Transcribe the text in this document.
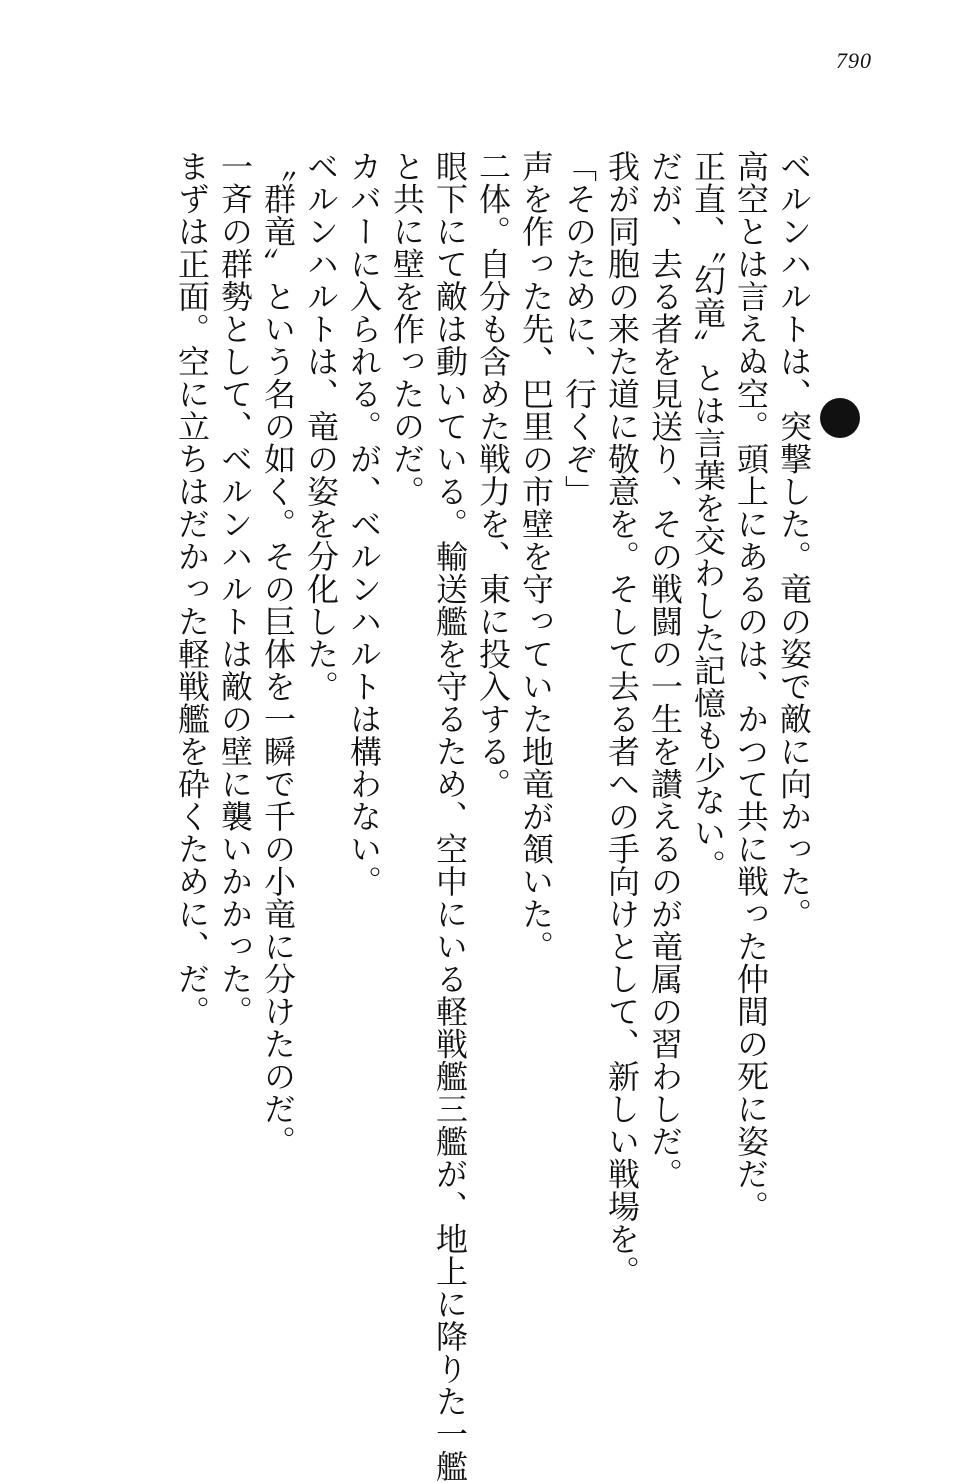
790
ベルンハルトは、突撃した。竜の姿で敵に向かった。
高空とは言えぬ空。頭上にあるのは、かつて共に戦った仲間の死に姿だ。
正直、〝幻竜〟とは言葉を交わした記憶も少ない。
だが、去る者を見送り、その戦闘の一生を讃えるのが竜属の習わしだ。
我が同胞の来た道に敬意を。そして去る者への手向けとして、新しい戦場を。
「そのために、行くぞ」
声を作った先、巴里の市壁を守っていた地竜が頷いた。
二体。自分も含めた戦力を、東に投入する。
眼下にて敵は動いている。輸送艦を守るため、空中にいる軽戦艦三艦が、地上に降りた一艦
と共に壁を作ったのだ。
カバーに入られる。が、ベルンハルトは構わない。
ベルンハルトは、竜の姿を分化した。
〝群竜〟という名の如く。その巨体を一瞬で千の小竜に分けたのだ。
一斉の群勢として、ベルンハルトは敵の壁に襲いかかった。
まずは正面。空に立ちはだかった軽戦艦を砕くために、だ。
